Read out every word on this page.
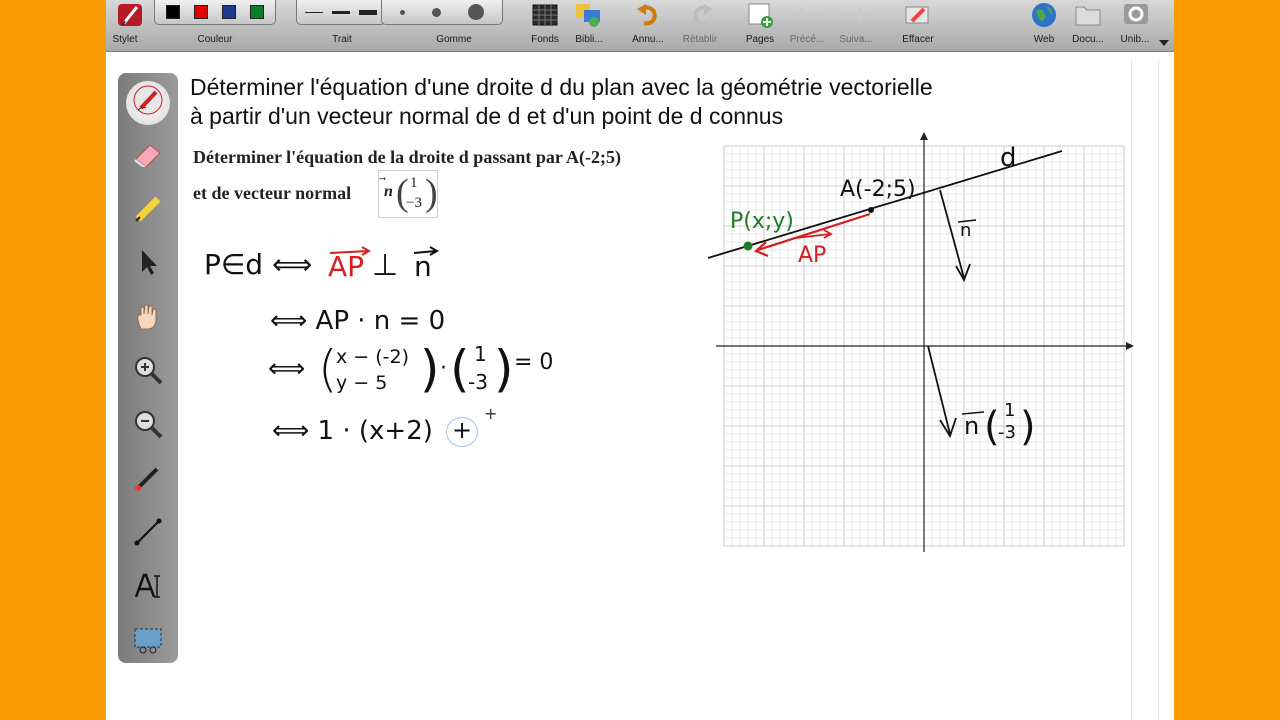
Stylet	Couleur	Trait	Gomme	Fonds	Bibli...	Annu...	Rétablir	Pages	Précé...	Suiva...	Effacer	Web	Docu...	Unib...
Déterminer l'équation d'une droite d du plan avec la géométrie vectorielle
à partir d'un vecteur normal de d et d'un point de d connus
Déterminer l'équation de la droite d passant par A(-2;5)
et de vecteur normal n ( 1
−3 )
P∈d ⟺ AP ⊥ n
⟺ AP · n = 0
⟺ (
x − (-2)
y − 5 ) · ( 1
-3 ) = 0
⟺ 1 · (x+2) +
+
d
A(-2;5)
P(x;y)
AP
n
n ( 1
-3 )
